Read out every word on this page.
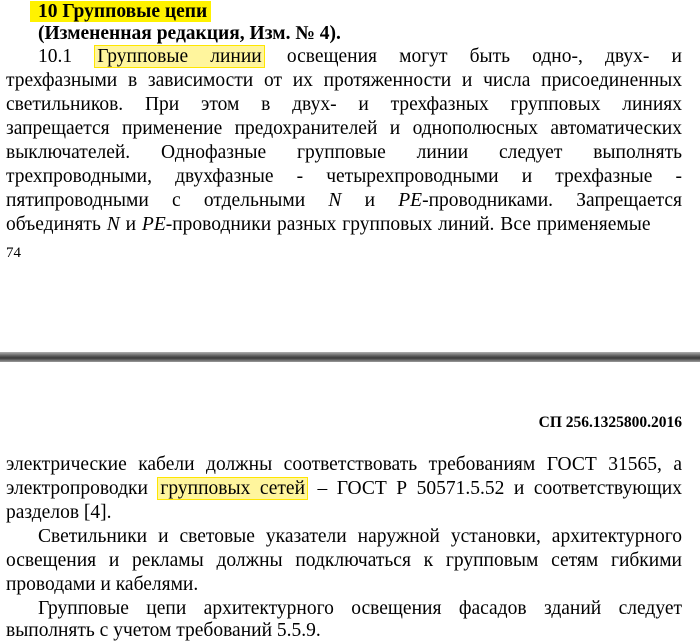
10 Групповые цепи
(Измененная редакция, Изм. № 4).
10.1 Групповые линии освещения могут быть одно-, двух- и
трехфазными в зависимости от их протяженности и числа присоединенных
светильников. При этом в двух- и трехфазных групповых линиях
запрещается применение предохранителей и однополюсных автоматических
выключателей. Однофазные групповые линии следует выполнять
трехпроводными, двухфазные - четырехпроводными и трехфазные -
пятипроводными с отдельными N и PE-проводниками. Запрещается
объединять N и PE-проводники разных групповых линий. Все применяемые
74
СП 256.1325800.2016
электрические кабели должны соответствовать требованиям ГОСТ 31565, а
электропроводки групповых сетей – ГОСТ Р 50571.5.52 и соответствующих
разделов [4].
Светильники и световые указатели наружной установки, архитектурного
освещения и рекламы должны подключаться к групповым сетям гибкими
проводами и кабелями.
Групповые цепи архитектурного освещения фасадов зданий следует
выполнять с учетом требований 5.5.9.
